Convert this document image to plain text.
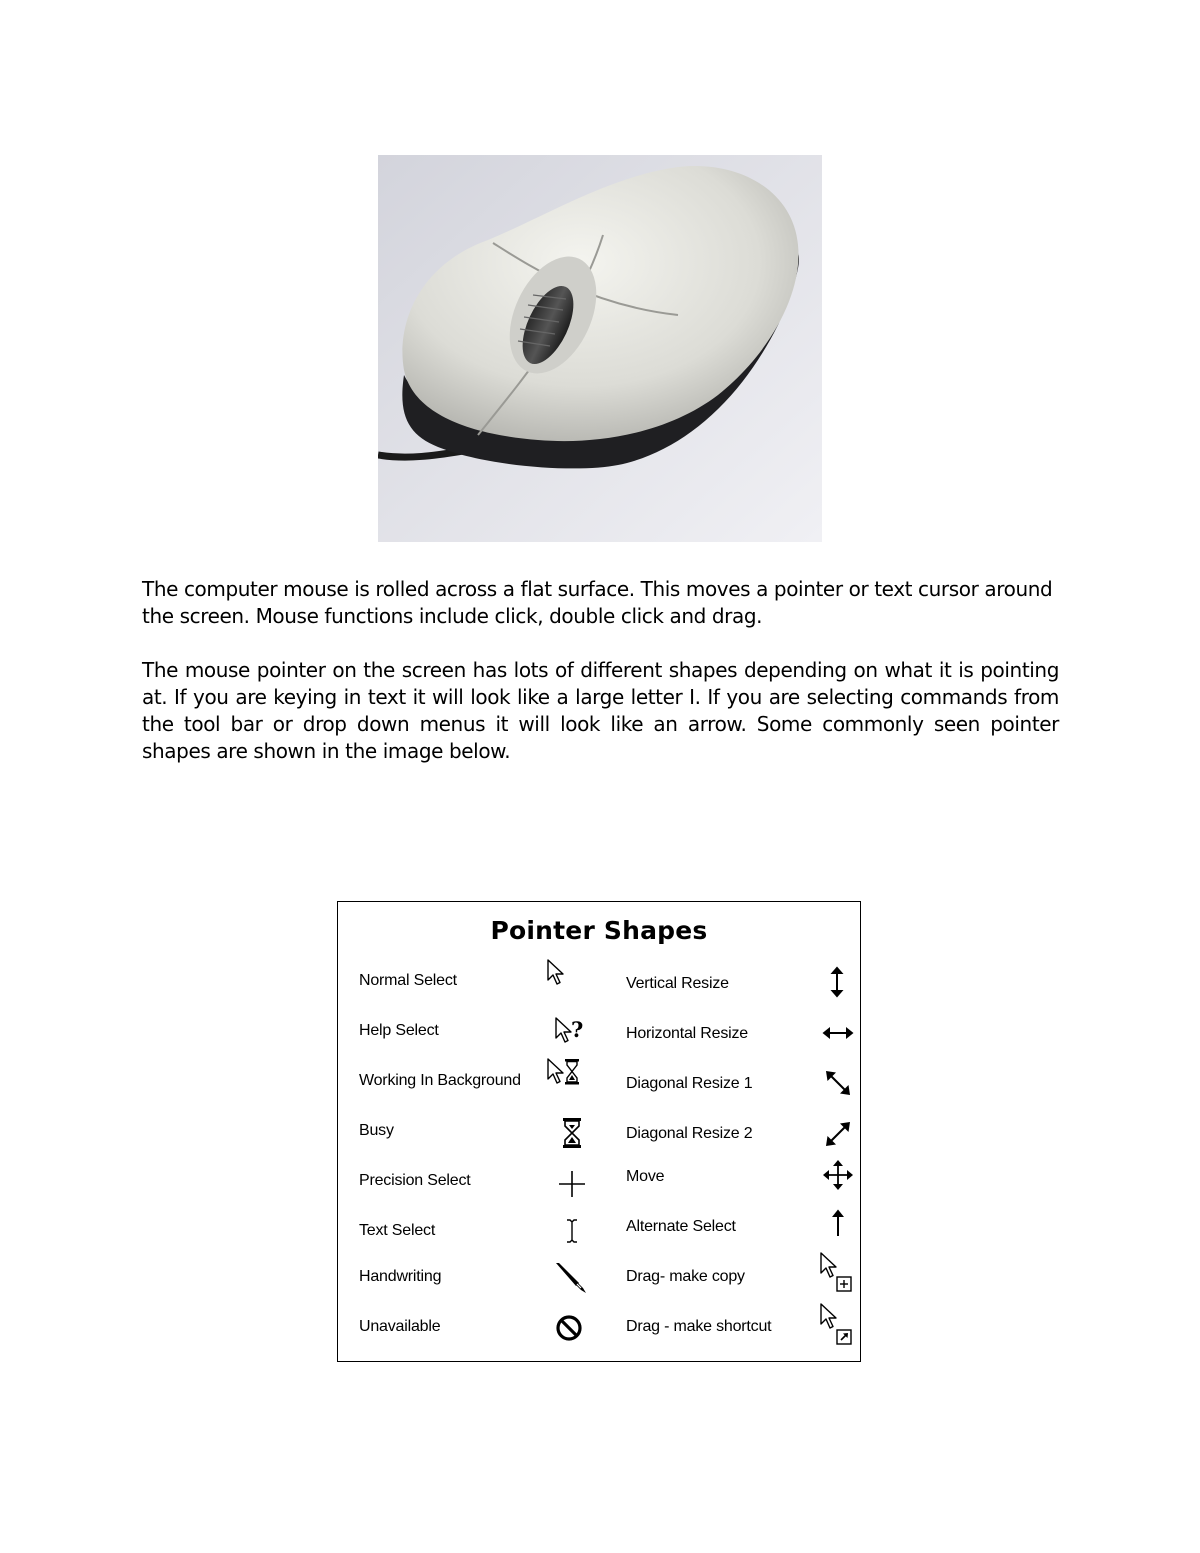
The computer mouse is rolled across a flat surface. This moves a pointer or text cursor around the screen. Mouse functions include click, double click and drag.

The mouse pointer on the screen has lots of different shapes depending on what it is pointing at. If you are keying in text it will look like a large letter I. If you are selecting commands from the tool bar or drop down menus it will look like an arrow. Some commonly seen pointer shapes are shown in the image below.

Pointer Shapes
Normal Select
Help Select
Working In Background
Busy
Precision Select
Text Select
Handwriting
Unavailable
Vertical Resize
Horizontal Resize
Diagonal Resize 1
Diagonal Resize 2
Move
Alternate Select
Drag- make copy
Drag - make shortcut
?
